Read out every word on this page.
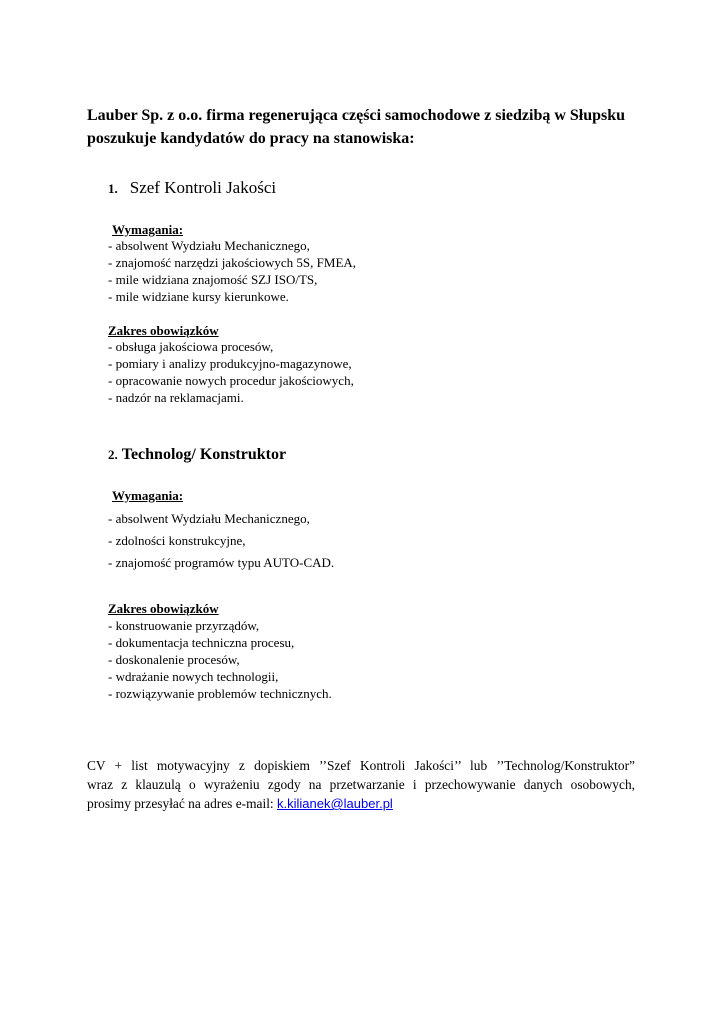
Lauber Sp. z o.o. firma regenerująca części samochodowe z siedzibą w Słupsku poszukuje kandydatów do pracy na stanowiska:

1. Szef Kontroli Jakości

Wymagania:

- absolwent Wydziału Mechanicznego,
- znajomość narzędzi jakościowych 5S, FMEA,
- mile widziana znajomość SZJ ISO/TS,
- mile widziane kursy kierunkowe.

Zakres obowiązków

- obsługa jakościowa procesów,
- pomiary i analizy produkcyjno-magazynowe,
- opracowanie nowych procedur jakościowych,
- nadzór na reklamacjami.

2. Technolog/ Konstruktor

Wymagania:

- absolwent Wydziału Mechanicznego,
- zdolności konstrukcyjne,
- znajomość programów typu AUTO-CAD.

Zakres obowiązków

- konstruowanie przyrządów,
- dokumentacja techniczna procesu,
- doskonalenie procesów,
- wdrażanie nowych technologii,
- rozwiązywanie problemów technicznych.
CV + list motywacyjny z dopiskiem ’’Szef Kontroli Jakości’’ lub ’’Technolog/Konstruktor”
wraz z klauzulą o wyrażeniu zgody na przetwarzanie i przechowywanie danych osobowych,
prosimy przesyłać na adres e-mail: k.kilianek@lauber.pl
